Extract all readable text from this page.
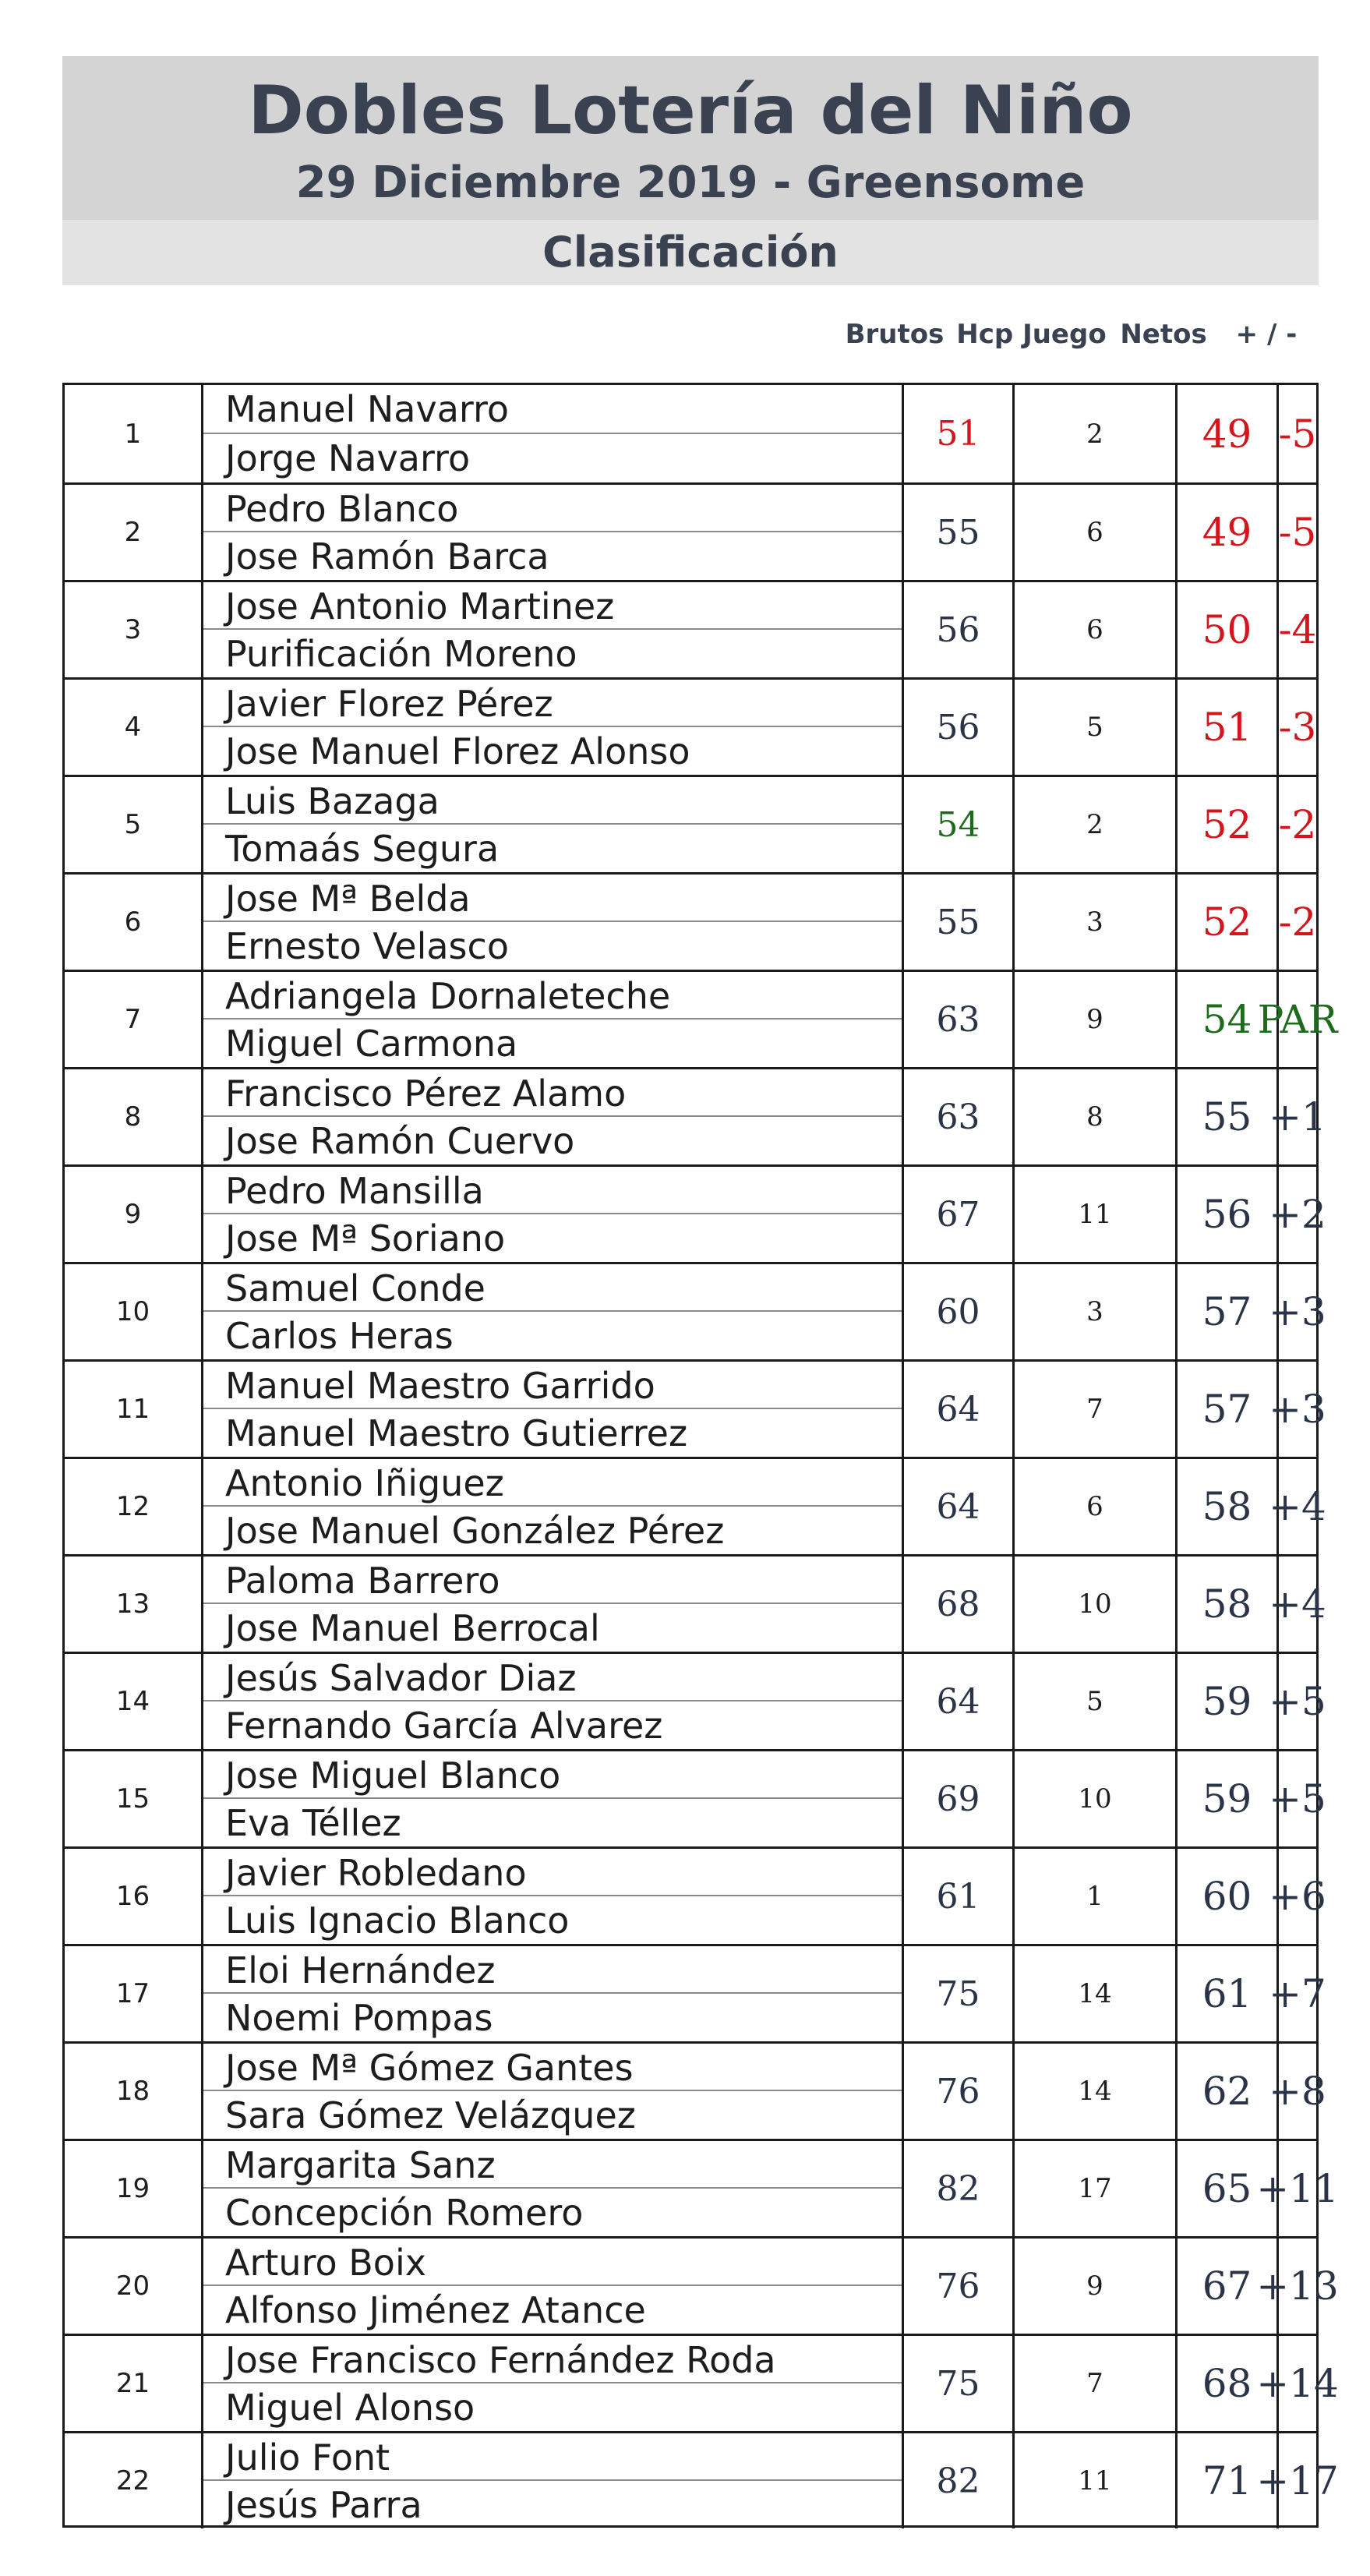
Dobles Lotería del Niño
29 Diciembre 2019 - Greensome
Clasificación
Brutos Hcp Juego Netos	+ / -
1
Manuel Navarro
Jorge Navarro
51	2	49 -5
2
Pedro Blanco
Jose Ramón Barca
55	6	49 -5
3
Jose Antonio Martinez
Purificación Moreno
56	6	50 -4
4
Javier Florez Pérez
Jose Manuel Florez Alonso
56	5	51 -3
5
Luis Bazaga
Tomaás Segura
54	2	52 -2
6
Jose Mª Belda
Ernesto Velasco
55	3	52 -2
7
Adriangela Dornaleteche
Miguel Carmona
63	9	54 PAR
8
Francisco Pérez Alamo
Jose Ramón Cuervo
63	8	55 +1
9
Pedro Mansilla
Jose Mª Soriano
67	11	56 +2
10
Samuel Conde
Carlos Heras
60	3	57 +3
11
Manuel Maestro Garrido
Manuel Maestro Gutierrez
64	7	57 +3
12
Antonio Iñiguez
Jose Manuel González Pérez
64	6	58 +4
13
Paloma Barrero
Jose Manuel Berrocal
68	10	58 +4
14
Jesús Salvador Diaz
Fernando García Alvarez
64	5	59 +5
15
Jose Miguel Blanco
Eva Téllez
69	10	59 +5
16
Javier Robledano
Luis Ignacio Blanco
61	1	60 +6
17
Eloi Hernández
Noemi Pompas
75	14	61 +7
18
Jose Mª Gómez Gantes
Sara Gómez Velázquez
76	14	62 +8
19
Margarita Sanz
Concepción Romero
82	17	65 +11
20
Arturo Boix
Alfonso Jiménez Atance
76	9	67 +13
21
Jose Francisco Fernández Roda
Miguel Alonso
75	7	68 +14
22
Julio Font
Jesús Parra
82	11	71 +17
